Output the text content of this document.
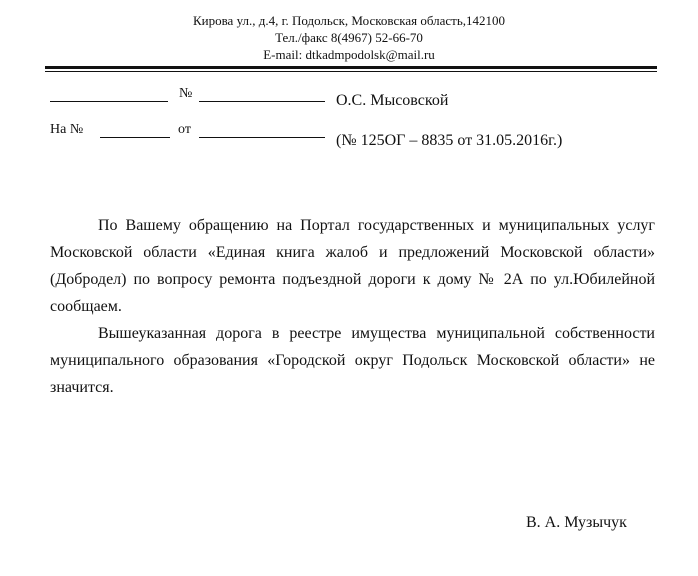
Кирова ул., д.4, г. Подольск, Московская область,142100
Тел./факс 8(4967) 52-66-70
E-mail: dtkadmpodolsk@mail.ru
№
На №	от
О.С. Мысовской
(№ 125ОГ – 8835 от 31.05.2016г.)

По Вашему обращению на Портал государственных и муниципальных услуг Московской области «Единая книга жалоб и предложений Московской области» (Добродел) по вопросу ремонта подъездной дороги к дому № 2А по ул.Юбилейной сообщаем.

Вышеуказанная дорога в реестре имущества муниципальной собственности муниципального образования «Городской округ Подольск Московской области» не значится.

В. А. Музычук
